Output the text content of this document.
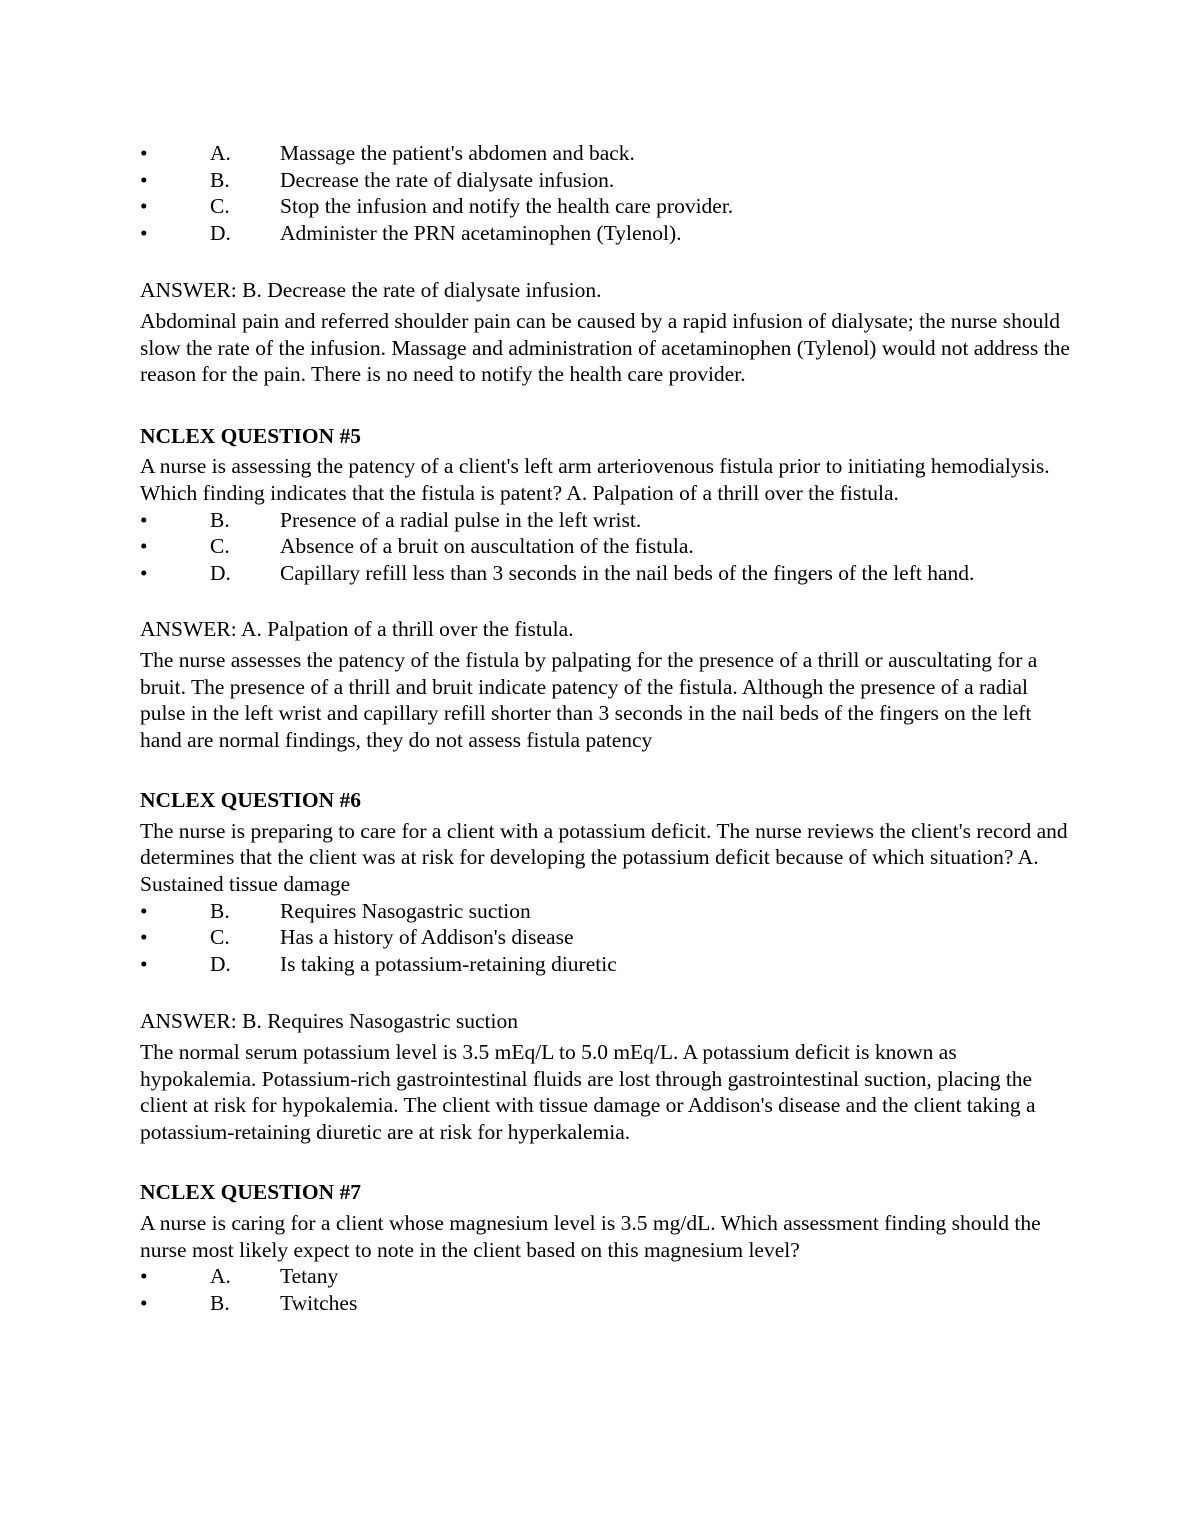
•	A. Massage the patient's abdomen and back.
•	B. Decrease the rate of dialysate infusion.
•	C. Stop the infusion and notify the health care provider.
•	D. Administer the PRN acetaminophen (Tylenol).

ANSWER: B. Decrease the rate of dialysate infusion.

Abdominal pain and referred shoulder pain can be caused by a rapid infusion of dialysate; the nurse should slow the rate of the infusion. Massage and administration of acetaminophen (Tylenol) would not address the reason for the pain. There is no need to notify the health care provider.

NCLEX QUESTION #5

A nurse is assessing the patency of a client's left arm arteriovenous fistula prior to initiating hemodialysis.

Which finding indicates that the fistula is patent? A. Palpation of a thrill over the fistula.

•	B. Presence of a radial pulse in the left wrist.
•	C. Absence of a bruit on auscultation of the fistula.
•	D. Capillary refill less than 3 seconds in the nail beds of the fingers of the left hand.

ANSWER: A. Palpation of a thrill over the fistula.

The nurse assesses the patency of the fistula by palpating for the presence of a thrill or auscultating for a bruit. The presence of a thrill and bruit indicate patency of the fistula. Although the presence of a radial pulse in the left wrist and capillary refill shorter than 3 seconds in the nail beds of the fingers on the left hand are normal findings, they do not assess fistula patency

NCLEX QUESTION #6

The nurse is preparing to care for a client with a potassium deficit. The nurse reviews the client's record and determines that the client was at risk for developing the potassium deficit because of which situation? A. Sustained tissue damage

•	B. Requires Nasogastric suction
•	C. Has a history of Addison's disease
•	D. Is taking a potassium-retaining diuretic

ANSWER: B. Requires Nasogastric suction

The normal serum potassium level is 3.5 mEq/L to 5.0 mEq/L. A potassium deficit is known as hypokalemia. Potassium-rich gastrointestinal fluids are lost through gastrointestinal suction, placing the client at risk for hypokalemia. The client with tissue damage or Addison's disease and the client taking a potassium-retaining diuretic are at risk for hyperkalemia.

NCLEX QUESTION #7

A nurse is caring for a client whose magnesium level is 3.5 mg/dL. Which assessment finding should the nurse most likely expect to note in the client based on this magnesium level?

•	A. Tetany
•	B. Twitches
